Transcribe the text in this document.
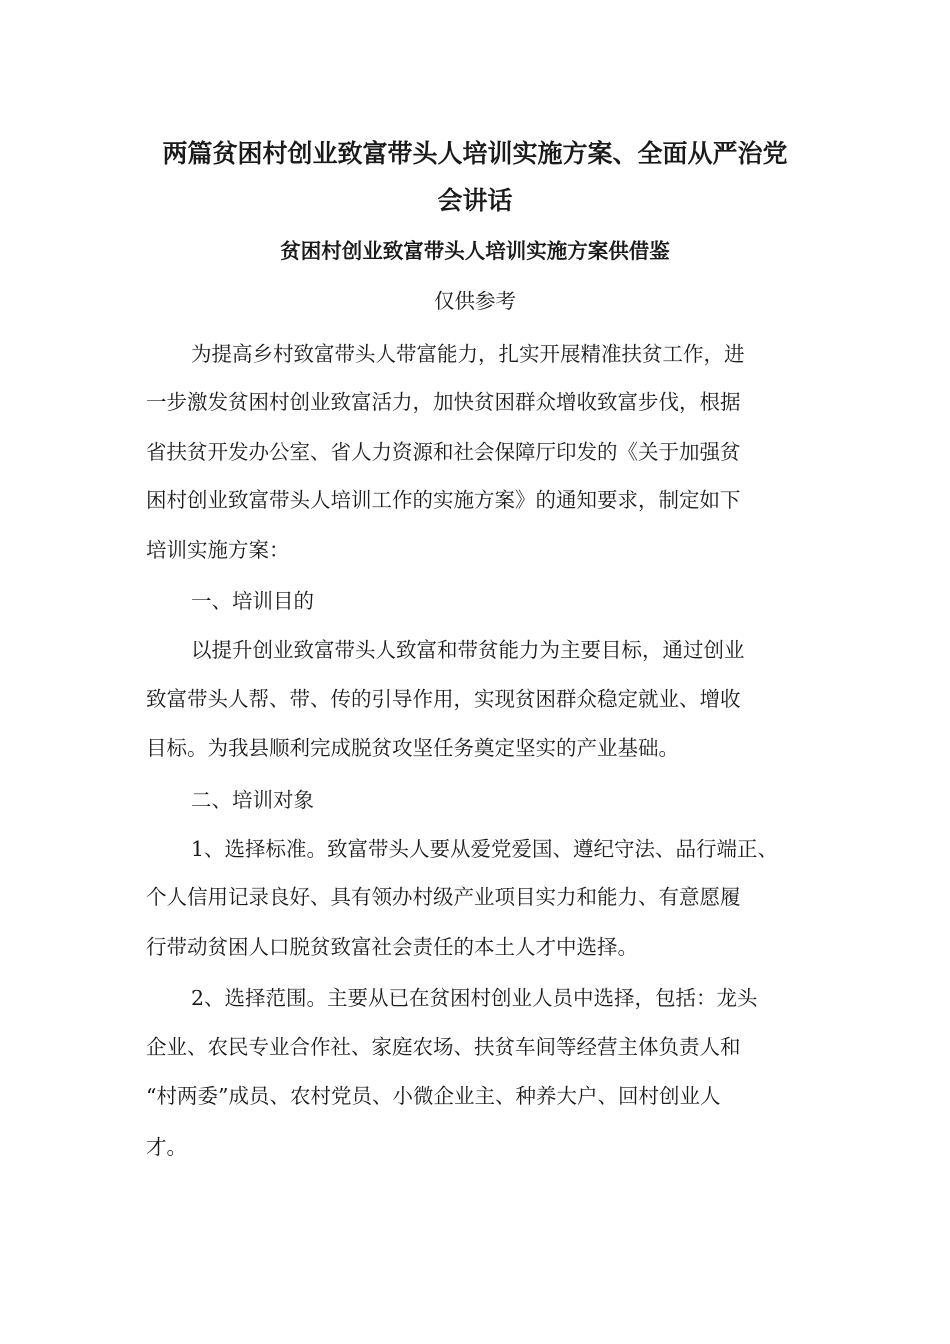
两篇贫困村创业致富带头人培训实施方案、全面从严治党
会讲话
贫困村创业致富带头人培训实施方案供借鉴

仅供参考

为提高乡村致富带头人带富能力，扎实开展精准扶贫工作，进

一步激发贫困村创业致富活力，加快贫困群众增收致富步伐，根据

省扶贫开发办公室、省人力资源和社会保障厅印发的《关于加强贫

困村创业致富带头人培训工作的实施方案》的通知要求，制定如下

培训实施方案：

一、培训目的

以提升创业致富带头人致富和带贫能力为主要目标，通过创业

致富带头人帮、带、传的引导作用，实现贫困群众稳定就业、增收

目标。为我县顺利完成脱贫攻坚任务奠定坚实的产业基础。

二、培训对象

1、选择标准。致富带头人要从爱党爱国、遵纪守法、品行端正、

个人信用记录良好、具有领办村级产业项目实力和能力、有意愿履

行带动贫困人口脱贫致富社会责任的本土人才中选择。

2、选择范围。主要从已在贫困村创业人员中选择，包括：龙头

企业、农民专业合作社、家庭农场、扶贫车间等经营主体负责人和

“村两委”成员、农村党员、小微企业主、种养大户、回村创业人

才。
